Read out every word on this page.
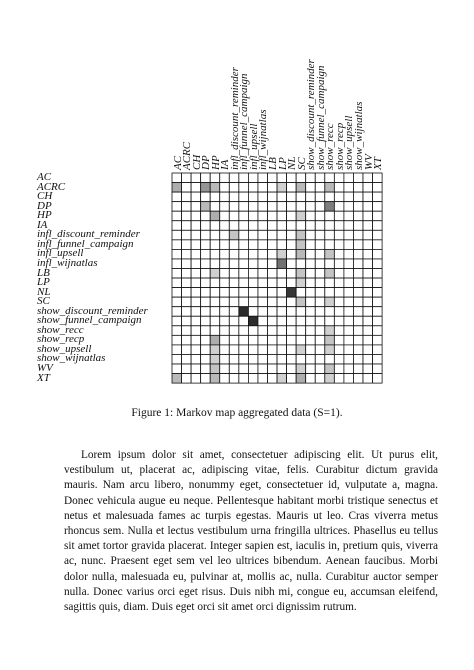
AC
ACRC
CH
DP
HP
IA
infl_discount_reminder
infl_funnel_campaign
infl_upsell
infl_wijnatlas
LB
LP
NL
SC
show_discount_reminder
show_funnel_campaign
show_recc
show_recp
show_upsell
show_wijnatlas
WV
XT
AC
ACRC
CH
DP
HP
IA
infl_discount_reminder
infl_funnel_campaign
infl_upsell
infl_wijnatlas
LB
LP
NL
SC
show_discount_reminder
show_funnel_campaign
show_recc
show_recp
show_upsell
show_wijnatlas
WV
XT
Figure 1: Markov map aggregated data (S=1).

Lorem ipsum dolor sit amet, consectetuer adipiscing elit. Ut purus elit, vestibulum ut, placerat ac, adipiscing vitae, felis. Curabitur dictum gravida mauris. Nam arcu libero, nonummy eget, consectetuer id, vulputate a, magna. Donec vehicula augue eu neque. Pellentesque habitant morbi tristique senectus et netus et malesuada fames ac turpis egestas. Mauris ut leo. Cras viverra metus rhoncus sem. Nulla et lectus vestibulum urna fringilla ultrices. Phasellus eu tellus sit amet tortor gravida placerat. Integer sapien est, iaculis in, pretium quis, viverra ac, nunc. Praesent eget sem vel leo ultrices bibendum. Aenean faucibus. Morbi dolor nulla, malesuada eu, pulvinar at, mollis ac, nulla. Curabitur auctor semper nulla. Donec varius orci eget risus. Duis nibh mi, congue eu, accumsan eleifend, sagittis quis, diam. Duis eget orci sit amet orci dignissim rutrum.
